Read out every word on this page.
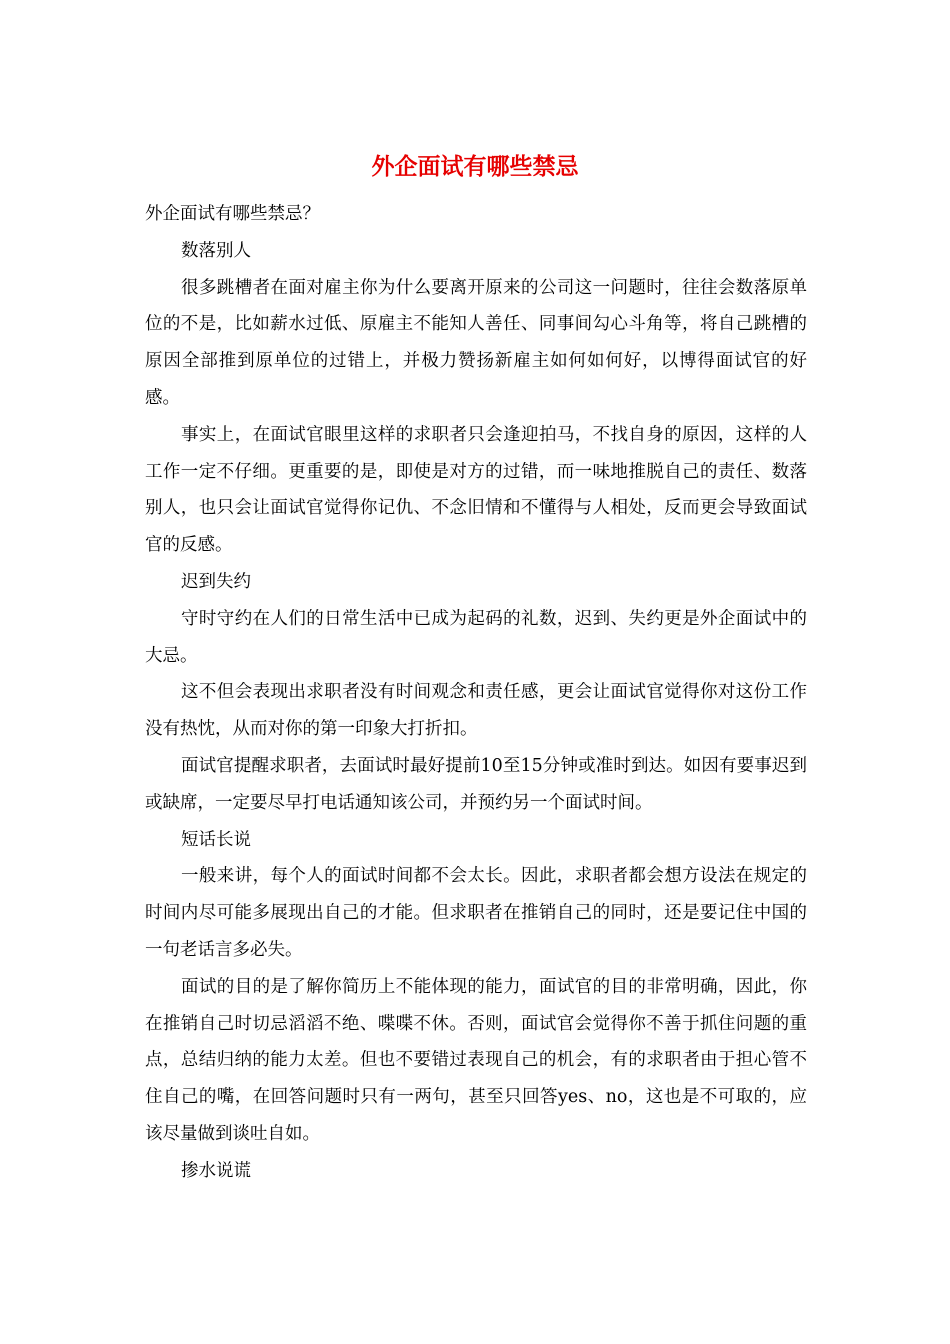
外企面试有哪些禁忌

外企面试有哪些禁忌？

数落别人

很多跳槽者在面对雇主你为什么要离开原来的公司这一问题时，往往会数落原单位的不是，比如薪水过低、原雇主不能知人善任、同事间勾心斗角等，将自己跳槽的原因全部推到原单位的过错上，并极力赞扬新雇主如何如何好，以博得面试官的好感。

事实上，在面试官眼里这样的求职者只会逢迎拍马，不找自身的原因，这样的人工作一定不仔细。更重要的是，即使是对方的过错，而一味地推脱自己的责任、数落别人，也只会让面试官觉得你记仇、不念旧情和不懂得与人相处，反而更会导致面试官的反感。

迟到失约

守时守约在人们的日常生活中已成为起码的礼数，迟到、失约更是外企面试中的大忌。

这不但会表现出求职者没有时间观念和责任感，更会让面试官觉得你对这份工作没有热忱，从而对你的第一印象大打折扣。

面试官提醒求职者，去面试时最好提前10至15分钟或准时到达。如因有要事迟到或缺席，一定要尽早打电话通知该公司，并预约另一个面试时间。

短话长说

一般来讲，每个人的面试时间都不会太长。因此，求职者都会想方设法在规定的时间内尽可能多展现出自己的才能。但求职者在推销自己的同时，还是要记住中国的一句老话言多必失。

面试的目的是了解你简历上不能体现的能力，面试官的目的非常明确，因此，你在推销自己时切忌滔滔不绝、喋喋不休。否则，面试官会觉得你不善于抓住问题的重点，总结归纳的能力太差。但也不要错过表现自己的机会，有的求职者由于担心管不住自己的嘴，在回答问题时只有一两句，甚至只回答yes、no，这也是不可取的，应该尽量做到谈吐自如。

掺水说谎
